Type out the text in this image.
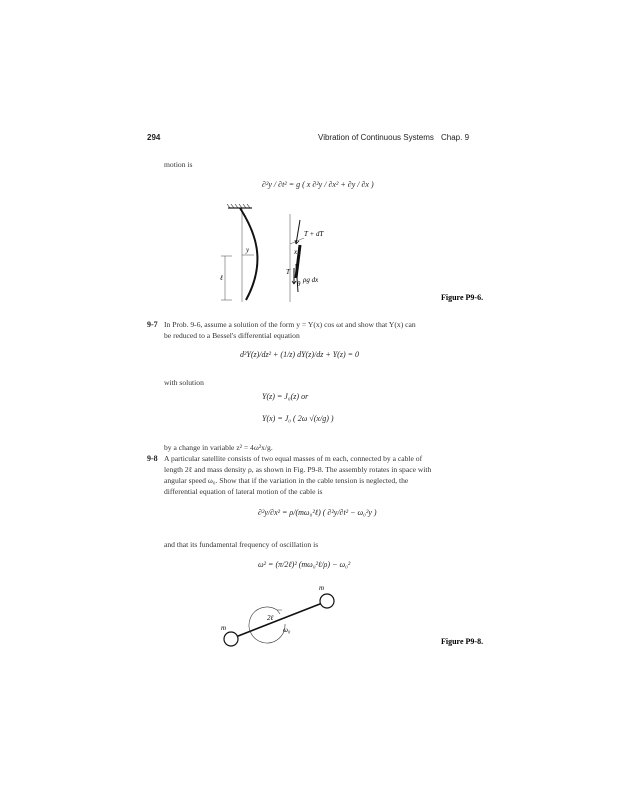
294	Vibration of Continuous Systems Chap. 9
motion is
∂²y / ∂t² = g ( x ∂²y / ∂x² + ∂y / ∂x )
ℓ
y
T + dT
x
T
θ ρg dx
Figure P9-6.
9-7 In Prob. 9-6, assume a solution of the form y = Y(x) cos ωt and show that Y(x) can
be reduced to a Bessel's differential equation
d²Y(z)/dz² + (1/z) dY(z)/dz + Y(z) = 0
with solution
Y(z) = J₀(z) or
Y(x) = J₀ ( 2ω √(x/g) )
by a change in variable z² = 4ω²x/g.
9-8 A particular satellite consists of two equal masses of m each, connected by a cable of
length 2ℓ and mass density ρ, as shown in Fig. P9-8. The assembly rotates in space with
angular speed ω₀. Show that if the variation in the cable tension is neglected, the
differential equation of lateral motion of the cable is
∂²y/∂x² = ρ/(mω₀²ℓ) ( ∂²y/∂t² − ω₀²y )
and that its fundamental frequency of oscillation is
ω² = (π/2ℓ)² (mω₀²ℓ/ρ) − ω₀²
m
m
2ℓ
ω₀
Figure P9-8.
